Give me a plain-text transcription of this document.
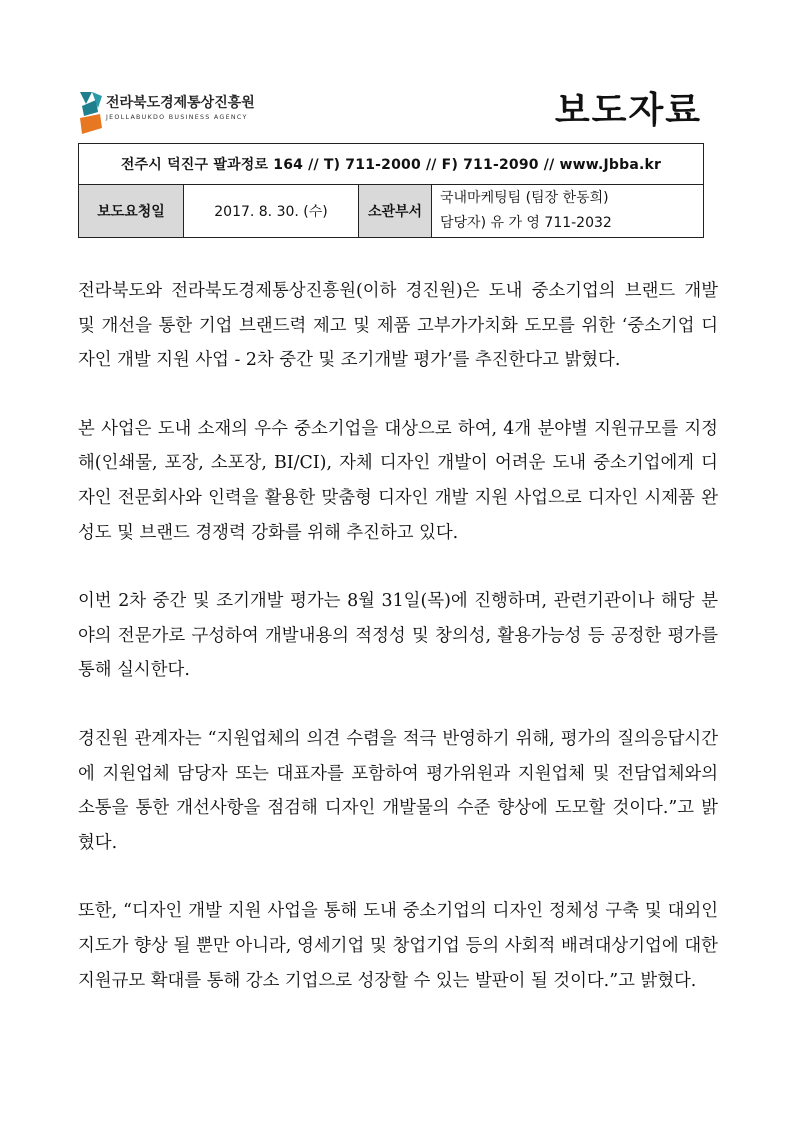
전라북도경제통상진흥원
JEOLLABUKDO BUSINESS AGENCY	보도자료
전주시 덕진구 팔과정로 164 // T) 711-2000 // F) 711-2090 // www.Jbba.kr
보도요청일	2017. 8. 30. (수)	소관부서	
국내마케팅팀 (팀장 한동희)
담당자) 유 가 영 711-2032

전라북도와 전라북도경제통상진흥원(이하 경진원)은 도내 중소기업의 브랜드 개발 및 개선을 통한 기업 브랜드력 제고 및 제품 고부가가치화 도모를 위한 ‘중소기업 디자인 개발 지원 사업 - 2차 중간 및 조기개발 평가’를 추진한다고 밝혔다.

본 사업은 도내 소재의 우수 중소기업을 대상으로 하여, 4개 분야별 지원규모를 지정해(인쇄물, 포장, 소포장, BI/CI), 자체 디자인 개발이 어려운 도내 중소기업에게 디자인 전문회사와 인력을 활용한 맞춤형 디자인 개발 지원 사업으로 디자인 시제품 완성도 및 브랜드 경쟁력 강화를 위해 추진하고 있다.

이번 2차 중간 및 조기개발 평가는 8월 31일(목)에 진행하며, 관련기관이나 해당 분야의 전문가로 구성하여 개발내용의 적정성 및 창의성, 활용가능성 등 공정한 평가를 통해 실시한다.

경진원 관계자는 “지원업체의 의견 수렴을 적극 반영하기 위해, 평가의 질의응답시간에 지원업체 담당자 또는 대표자를 포함하여 평가위원과 지원업체 및 전담업체와의 소통을 통한 개선사항을 점검해 디자인 개발물의 수준 향상에 도모할 것이다.”고 밝혔다.

또한, “디자인 개발 지원 사업을 통해 도내 중소기업의 디자인 정체성 구축 및 대외인지도가 향상 될 뿐만 아니라, 영세기업 및 창업기업 등의 사회적 배려대상기업에 대한 지원규모 확대를 통해 강소 기업으로 성장할 수 있는 발판이 될 것이다.”고 밝혔다.
